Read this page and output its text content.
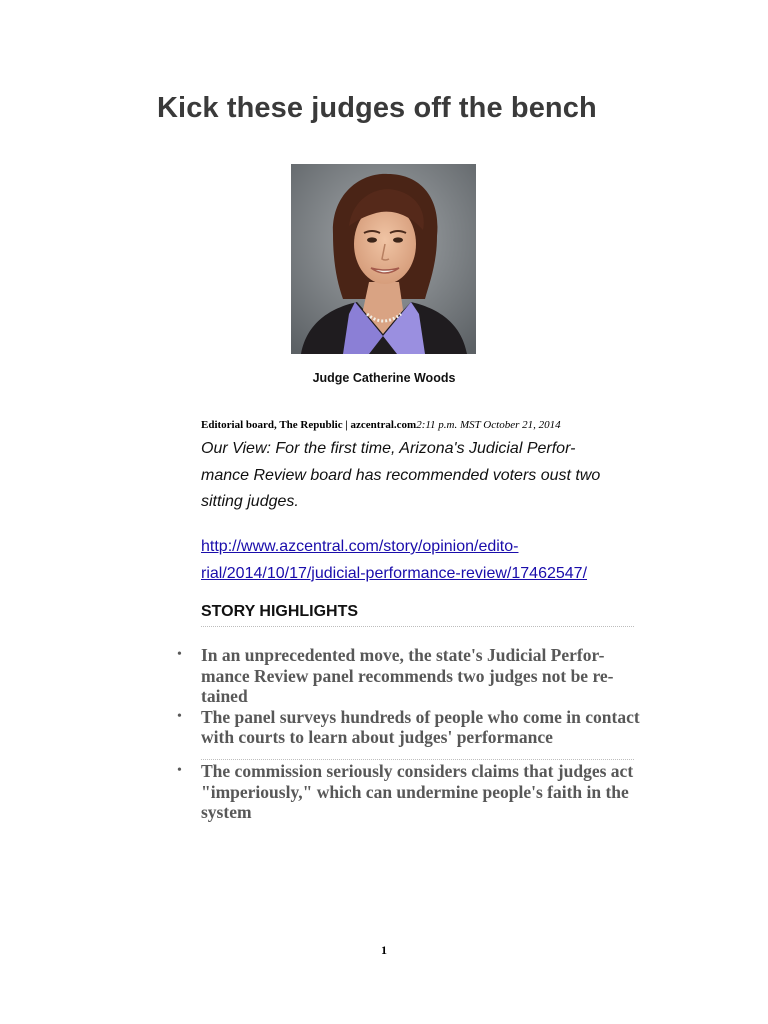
Kick these judges off the bench
Judge Catherine Woods
Editorial board, The Republic | azcentral.com2:11 p.m. MST October 21, 2014

Our View: For the first time, Arizona's Judicial Perfor-
mance Review board has recommended voters oust two
sitting judges.

http://www.azcentral.com/story/opinion/edito-
rial/2014/10/17/judicial-performance-review/17462547/
STORY HIGHLIGHTS
• In an unprecedented move, the state's Judicial Perfor-
mance Review panel recommends two judges not be re-
tained
• The panel surveys hundreds of people who come in contact
with courts to learn about judges' performance
• The commission seriously considers claims that judges act
"imperiously," which can undermine people's faith in the
system
1
